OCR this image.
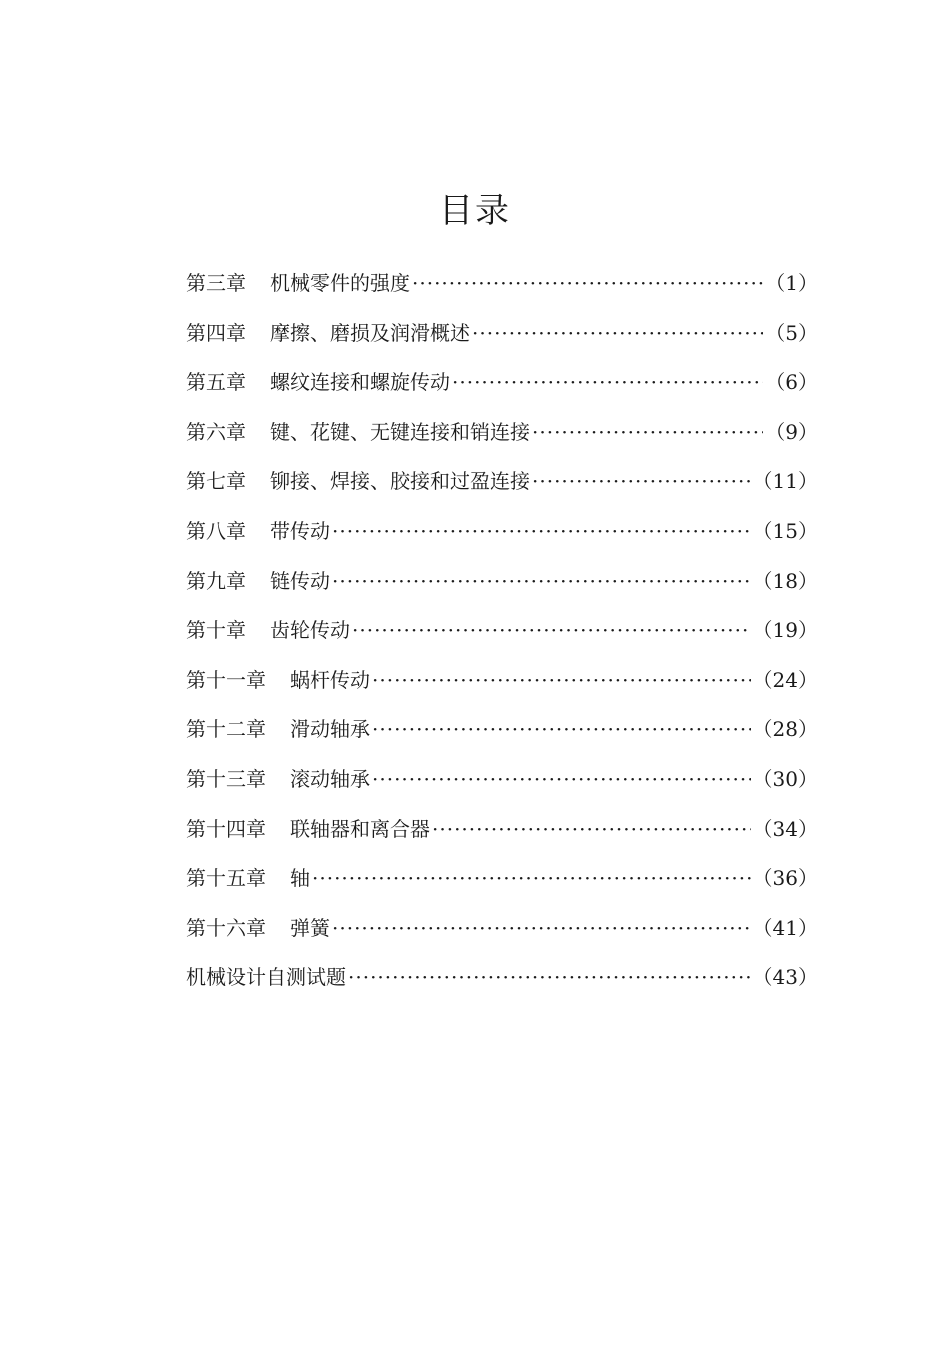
目录
第三章 机械零件的强度 ·····	（1）
第四章 摩擦、磨损及润滑概述 ·····	（5）
第五章 螺纹连接和螺旋传动 ·····	（6）
第六章 键、花键、无键连接和销连接 ·····	（9）
第七章 铆接、焊接、胶接和过盈连接 ·····	（11）
第八章 带传动 ·····	（15）
第九章 链传动 ·····	（18）
第十章 齿轮传动 ·····	（19）
第十一章 蜗杆传动 ·····	（24）
第十二章 滑动轴承 ·····	（28）
第十三章 滚动轴承 ·····	（30）
第十四章 联轴器和离合器 ·····	（34）
第十五章 轴 ·····	（36）
第十六章 弹簧 ·····	（41）
机械设计自测试题 ·····	（43）
